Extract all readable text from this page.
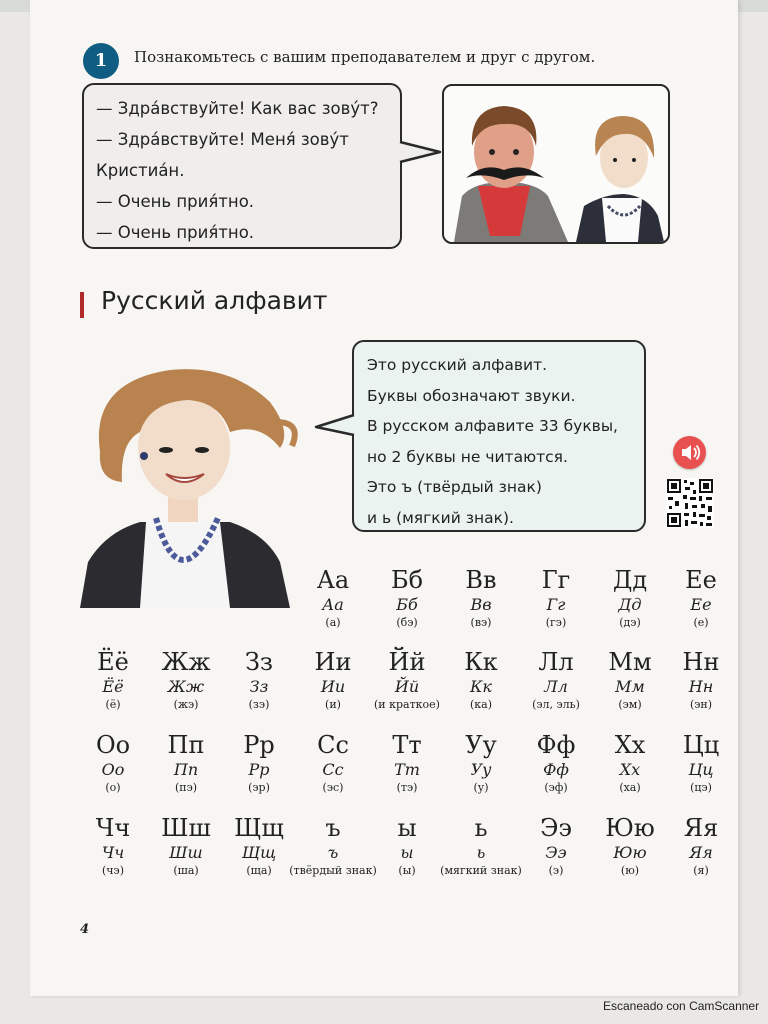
1	Познакомьтесь с вашим преподавателем и друг с другом.
— Здра́вствуйте! Как вас зову́т?
— Здра́вствуйте! Меня́ зову́т
Кристиа́н.
— Очень прия́тно.
— Очень прия́тно.
Русский алфавит
Это русский алфавит.
Буквы обозначают звуки.
В русском алфавите 33 буквы,
но 2 буквы не читаются.
Это ъ (твёрдый знак)
и ь (мягкий знак).
Аа
Аа
(а)
Бб
Бб
(бэ)
Вв
Вв
(вэ)
Гг
Гг
(гэ)
Дд
Дд
(дэ)
Ее
Ее
(е)
Ёё
Ёё
(ё)
Жж
Жж
(жэ)
Зз
Зз
(зэ)
Ии
Ии
(и)
Йй
Йй
(и краткое)
Кк
Кк
(ка)
Лл
Лл
(эл, эль)
Мм
Мм
(эм)
Нн
Нн
(эн)
Оо
Оо
(о)
Пп
Пп
(пэ)
Рр
Рр
(эр)
Сс
Сс
(эс)
Тт
Тт
(тэ)
Уу
Уу
(у)
Фф
Фф
(эф)
Хх
Хх
(ха)
Цц
Цц
(цэ)
Чч
Чч
(чэ)
Шш
Шш
(ша)
Щщ
Щщ
(ща)
ъ
ъ
(твёрдый знак)
ы
ы
(ы)
ь
ь
(мягкий знак)
Ээ
Ээ
(э)
Юю
Юю
(ю)
Яя
Яя
(я)
4
Escaneado con CamScanner
